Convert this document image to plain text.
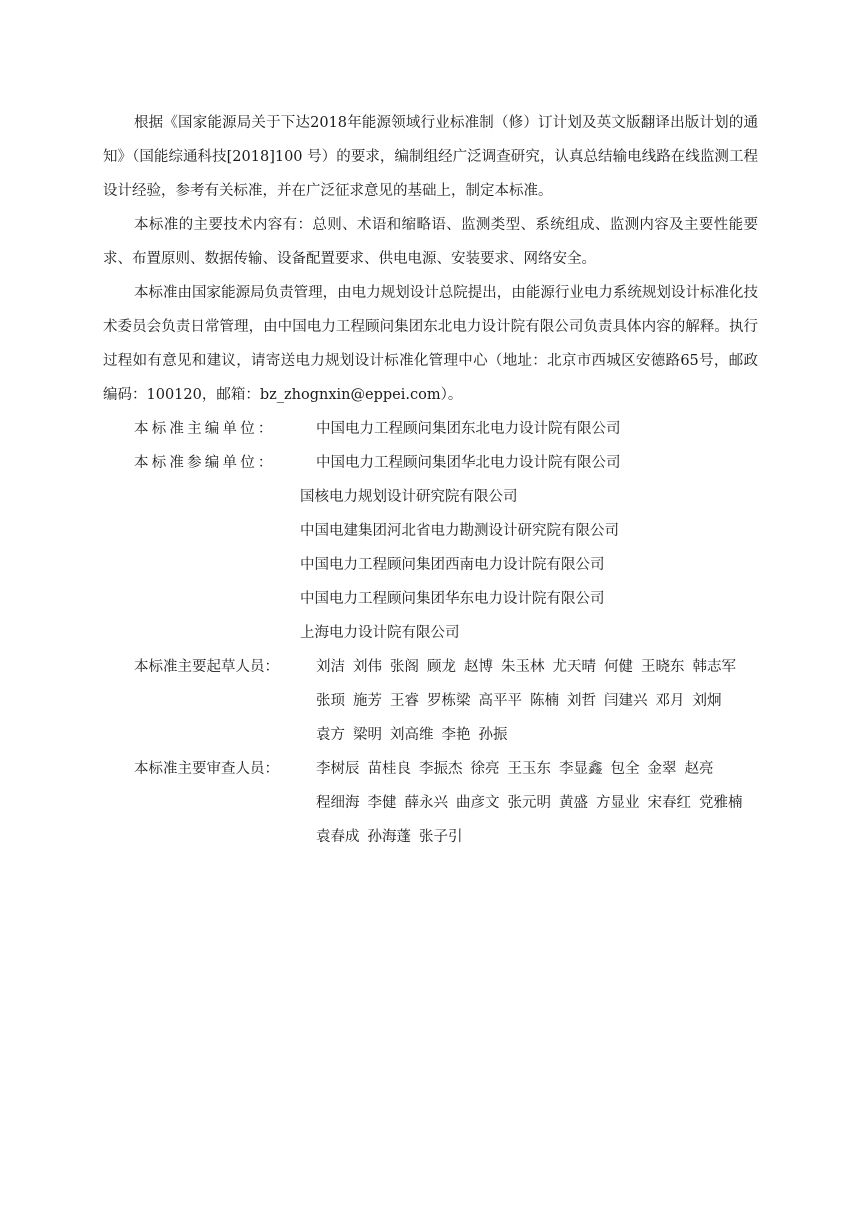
根据《国家能源局关于下达2018年能源领域行业标准制（修）订计划及英文版翻译出版计划的通知》（国能综通科技[2018]100 号）的要求，编制组经广泛调查研究，认真总结输电线路在线监测工程设计经验，参考有关标准，并在广泛征求意见的基础上，制定本标准。

本标准的主要技术内容有：总则、术语和缩略语、监测类型、系统组成、监测内容及主要性能要求、布置原则、数据传输、设备配置要求、供电电源、安装要求、网络安全。

本标准由国家能源局负责管理，由电力规划设计总院提出，由能源行业电力系统规划设计标准化技术委员会负责日常管理，由中国电力工程顾问集团东北电力设计院有限公司负责具体内容的解释。执行过程如有意见和建议，请寄送电力规划设计标准化管理中心（地址：北京市西城区安德路65号，邮政编码：100120，邮箱：bz_zhognxin@eppei.com）。

本标准主编单位：	中国电力工程顾问集团东北电力设计院有限公司
本标准参编单位：	中国电力工程顾问集团华北电力设计院有限公司
国核电力规划设计研究院有限公司
中国电建集团河北省电力勘测设计研究院有限公司
中国电力工程顾问集团西南电力设计院有限公司
中国电力工程顾问集团华东电力设计院有限公司
上海电力设计院有限公司
本标准主要起草人员：	刘洁 刘伟 张阁 顾龙 赵博 朱玉林 尤天晴 何健 王晓东 韩志军
张顼 施芳 王睿 罗栋梁 高平平 陈楠 刘哲 闫建兴 邓月 刘炯
袁方 梁明 刘高维 李艳 孙振
本标准主要审查人员：	李树辰 苗桂良 李振杰 徐亮 王玉东 李显鑫 包全 金翠 赵亮
程细海 李健 薛永兴 曲彦文 张元明 黄盛 方显业 宋春红 党雅楠
袁春成 孙海蓬 张子引
